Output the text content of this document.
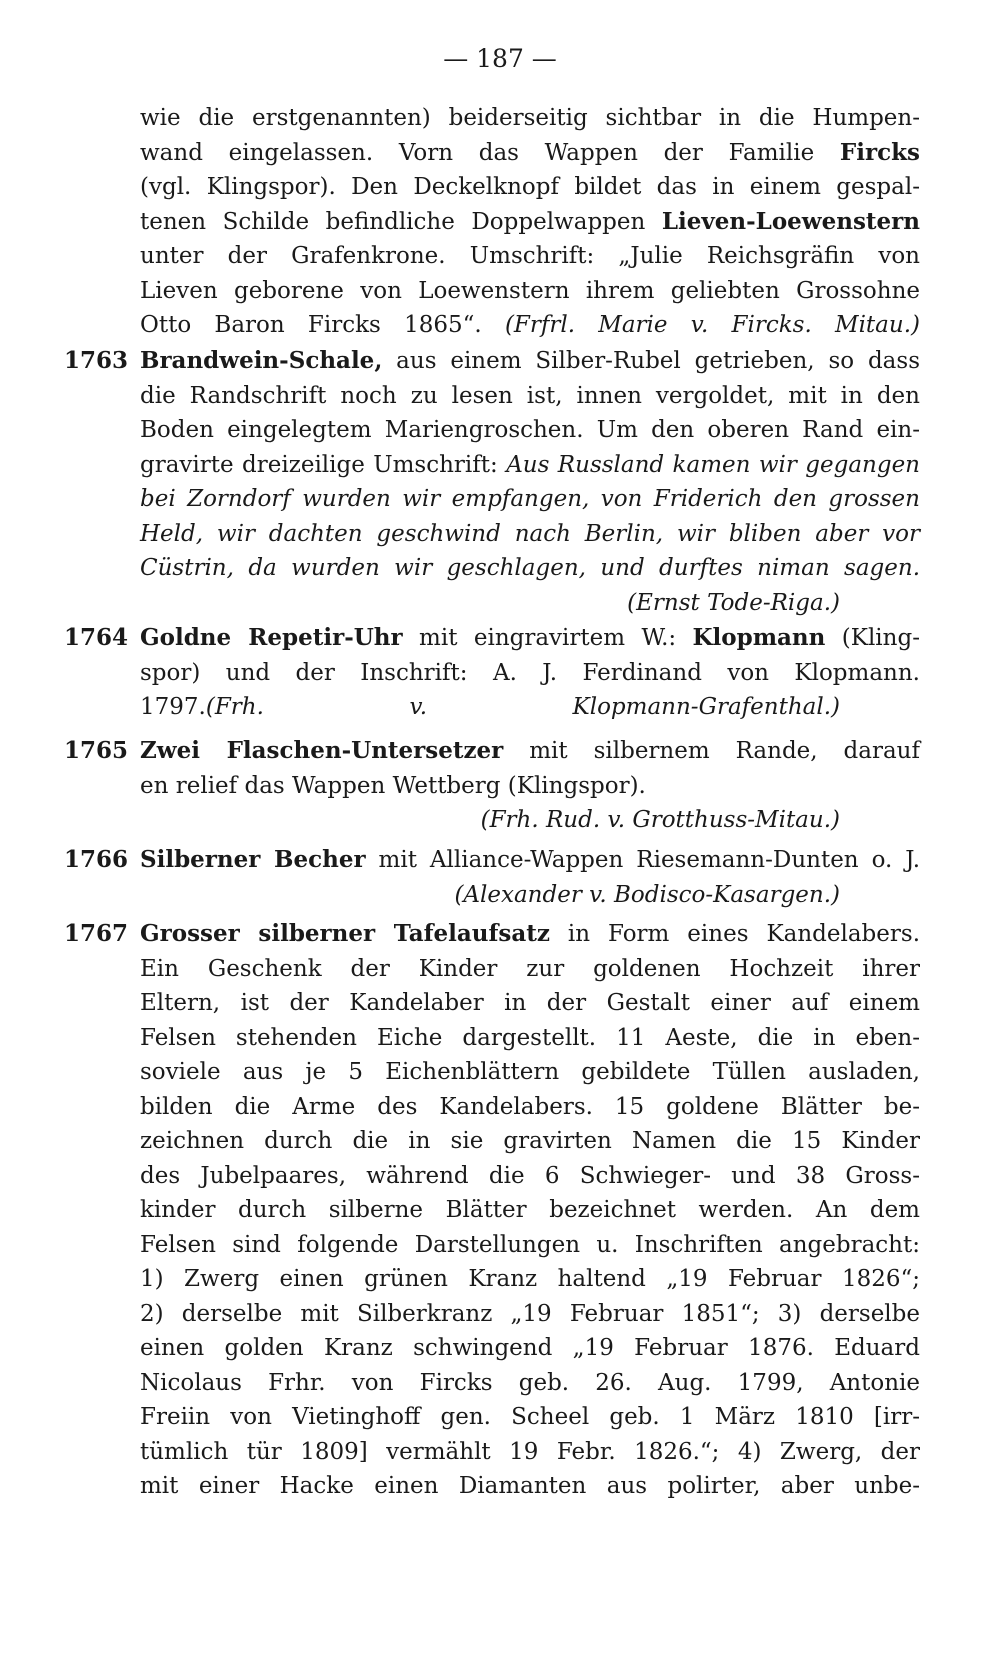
— 187 —
wie die erstgenannten) beiderseitig sichtbar in die Humpen-
wand eingelassen. Vorn das Wappen der Familie Fircks
(vgl. Klingspor). Den Deckelknopf bildet das in einem gespal-
tenen Schilde befindliche Doppelwappen Lieven-Loewenstern
unter der Grafenkrone. Umschrift: „Julie Reichsgräfin von
Lieven geborene von Loewenstern ihrem geliebten Grossohne
Otto Baron Fircks 1865“. (Frfrl. Marie v. Fircks. Mitau.)
1763 Brandwein-Schale, aus einem Silber-Rubel getrieben, so dass
die Randschrift noch zu lesen ist, innen vergoldet, mit in den
Boden eingelegtem Mariengroschen. Um den oberen Rand ein-
gravirte dreizeilige Umschrift: Aus Russland kamen wir gegangen
bei Zorndorf wurden wir empfangen, von Friderich den grossen
Held, wir dachten geschwind nach Berlin, wir bliben aber vor
Cüstrin, da wurden wir geschlagen, und durftes niman sagen.
(Ernst Tode-Riga.)
1764 Goldne Repetir-Uhr mit eingravirtem W.: Klopmann (Kling-
spor) und der Inschrift: A. J. Ferdinand von Klopmann.
1797.(Frh. v. Klopmann-Grafenthal.)
1765 Zwei Flaschen-Untersetzer mit silbernem Rande, darauf
en relief das Wappen Wettberg (Klingspor).
(Frh. Rud. v. Grotthuss-Mitau.)
1766 Silberner Becher mit Alliance-Wappen Riesemann-Dunten o. J.
(Alexander v. Bodisco-Kasargen.)
1767 Grosser silberner Tafelaufsatz in Form eines Kandelabers.
Ein Geschenk der Kinder zur goldenen Hochzeit ihrer
Eltern, ist der Kandelaber in der Gestalt einer auf einem
Felsen stehenden Eiche dargestellt. 11 Aeste, die in eben-
soviele aus je 5 Eichenblättern gebildete Tüllen ausladen,
bilden die Arme des Kandelabers. 15 goldene Blätter be-
zeichnen durch die in sie gravirten Namen die 15 Kinder
des Jubelpaares, während die 6 Schwieger- und 38 Gross-
kinder durch silberne Blätter bezeichnet werden. An dem
Felsen sind folgende Darstellungen u. Inschriften angebracht:
1) Zwerg einen grünen Kranz haltend „19 Februar 1826“;
2) derselbe mit Silberkranz „19 Februar 1851“; 3) derselbe
einen golden Kranz schwingend „19 Februar 1876. Eduard
Nicolaus Frhr. von Fircks geb. 26. Aug. 1799, Antonie
Freiin von Vietinghoff gen. Scheel geb. 1 März 1810 [irr-
tümlich tür 1809] vermählt 19 Febr. 1826.“; 4) Zwerg, der
mit einer Hacke einen Diamanten aus polirter, aber unbe-
